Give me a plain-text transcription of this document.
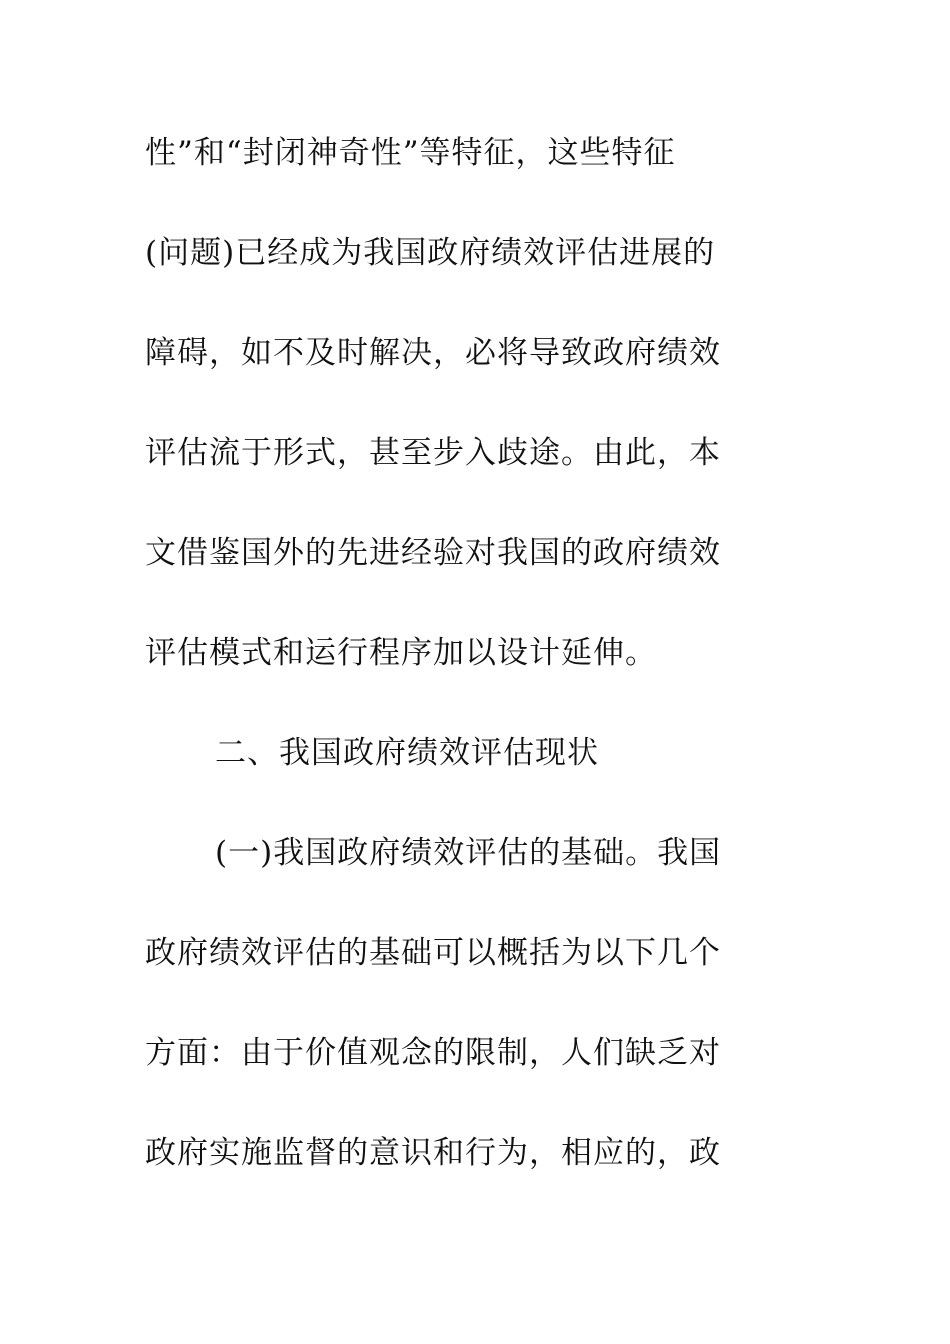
性”和“封闭神奇性”等特征，这些特征
(问题)已经成为我国政府绩效评估进展的
障碍，如不及时解决，必将导致政府绩效
评估流于形式，甚至步入歧途。由此，本
文借鉴国外的先进经验对我国的政府绩效
评估模式和运行程序加以设计延伸。
二、我国政府绩效评估现状
(一)我国政府绩效评估的基础。我国
政府绩效评估的基础可以概括为以下几个
方面：由于价值观念的限制，人们缺乏对
政府实施监督的意识和行为，相应的，政
